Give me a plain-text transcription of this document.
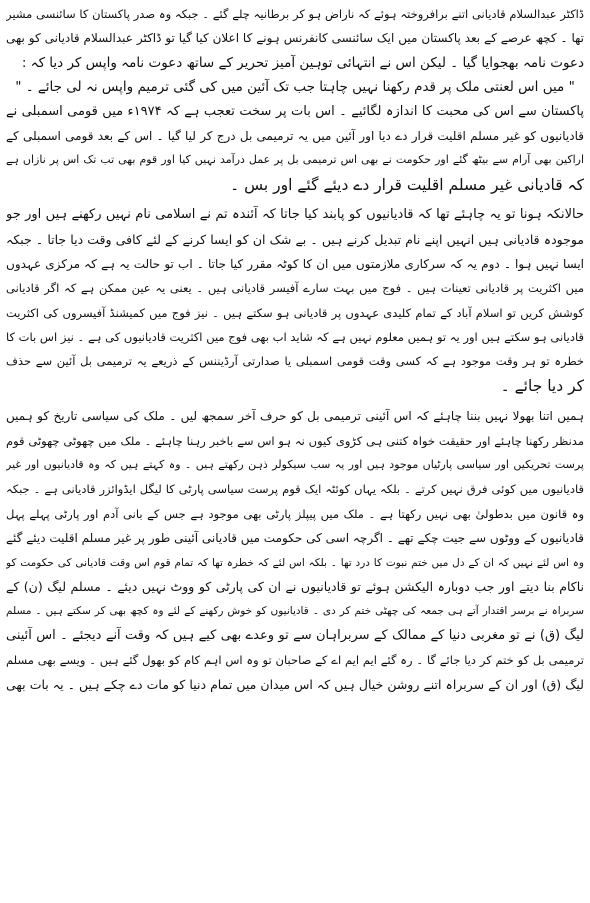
ڈاکٹر عبدالسلام قادیانی اتنے برافروختہ ہوئے کہ ناراض ہو کر برطانیہ چلے گئے ۔ جبکہ وہ صدر پاکستان کا سائنسی مشیر
تھا ۔ کچھ عرصے کے بعد پاکستان میں ایک سائنسی کانفرنس ہونے کا اعلان کیا گیا تو ڈاکٹر عبدالسلام قادیانی کو بھی
دعوت نامہ بھجوایا گیا ۔ لیکن اس نے انتہائی توہین آمیز تحریر کے ساتھ دعوت نامہ واپس کر دیا کہ :
" میں اس لعنتی ملک پر قدم رکھنا نہیں چاہتا جب تک آئین میں کی گئی ترمیم واپس نہ لی جائے ۔ "
پاکستان سے اس کی محبت کا اندازہ لگائیے ۔ اس بات پر سخت تعجب ہے کہ ۱۹۷۴ء میں قومی اسمبلی نے
قادیانیوں کو غیر مسلم اقلیت قرار دے دیا اور آئین میں یہ ترمیمی بل درج کر لیا گیا ۔ اس کے بعد قومی اسمبلی کے
اراکین بھی آرام سے بیٹھ گئے اور حکومت نے بھی اس ترمیمی بل پر عمل درآمد نہیں کیا اور قوم بھی تب تک اس پر نازاں ہے
کہ قادیانی غیر مسلم اقلیت قرار دے دیئے گئے اور بس ۔
حالانکہ ہونا تو یہ چاہئے تھا کہ قادیانیوں کو پابند کیا جاتا کہ آئندہ تم نے اسلامی نام نہیں رکھنے ہیں اور جو
موجودہ قادیانی ہیں انہیں اپنے نام تبدیل کرنے ہیں ۔ بے شک ان کو ایسا کرنے کے لئے کافی وقت دیا جاتا ۔ جبکہ
ایسا نہیں ہوا ۔ دوم یہ کہ سرکاری ملازمتوں میں ان کا کوٹہ مقرر کیا جاتا ۔ اب تو حالت یہ ہے کہ مرکزی عہدوں
میں اکثریت پر قادیانی تعینات ہیں ۔ فوج میں بہت سارے آفیسر قادیانی ہیں ۔ یعنی یہ عین ممکن ہے کہ اگر قادیانی
کوشش کریں تو اسلام آباد کے تمام کلیدی عہدوں پر قادیانی ہو سکتے ہیں ۔ نیز فوج میں کمیشنڈ آفیسروں کی اکثریت
قادیانی ہو سکتے ہیں اور یہ تو ہمیں معلوم نہیں ہے کہ شاید اب بھی فوج میں اکثریت قادیانیوں کی ہے ۔ نیز اس بات کا
خطرہ تو ہر وقت موجود ہے کہ کسی وقت قومی اسمبلی یا صدارتی آرڈیننس کے ذریعے یہ ترمیمی بل آئین سے حذف
کر دیا جائے ۔
ہمیں اتنا بھولا نہیں بننا چاہئے کہ اس آئینی ترمیمی بل کو حرف آخر سمجھ لیں ۔ ملک کی سیاسی تاریخ کو ہمیں
مدنظر رکھنا چاہئے اور حقیقت خواہ کتنی ہی کڑوی کیوں نہ ہو اس سے باخبر رہنا چاہئے ۔ ملک میں چھوٹی چھوٹی قوم
پرست تحریکیں اور سیاسی پارٹیاں موجود ہیں اور یہ سب سیکولر ذہن رکھتے ہیں ۔ وہ کہتے ہیں کہ وہ قادیانیوں اور غیر
قادیانیوں میں کوئی فرق نہیں کرتے ۔ بلکہ یہاں کوئٹہ ایک قوم پرست سیاسی پارٹی کا لیگل ایڈوائزر قادیانی ہے ۔ جبکہ
وہ قانون میں بدطولیٰ بھی نہیں رکھتا ہے ۔ ملک میں پیپلز پارٹی بھی موجود ہے جس کے بانی آدم اور پارٹی پہلے پہل
قادیانیوں کے ووٹوں سے جیت چکے تھے ۔ اگرچہ اسی کی حکومت میں قادیانی آئینی طور پر غیر مسلم اقلیت دیئے گئے
وہ اس لئے نہیں کہ ان کے دل میں ختم نبوت کا درد تھا ۔ بلکہ اس لئے کہ خطرہ تھا کہ تمام قوم اس وقت قادیانی کی حکومت کو
ناکام بنا دیتے اور جب دوبارہ الیکشن ہوئے تو قادیانیوں نے ان کی پارٹی کو ووٹ نہیں دیئے ۔ مسلم لیگ (ن) کے
سربراہ نے برسر اقتدار آتے ہی جمعہ کی چھٹی ختم کر دی ۔ قادیانیوں کو خوش رکھنے کے لئے وہ کچھ بھی کر سکتے ہیں ۔ مسلم
لیگ (ق) نے تو مغربی دنیا کے ممالک کے سربراہان سے تو وعدے بھی کیے ہیں کہ وقت آنے دیجئے ۔ اس آئینی
ترمیمی بل کو ختم کر دیا جائے گا ۔ رہ گئے ایم ایم اے کے صاحبان تو وہ اس اہم کام کو بھول گئے ہیں ۔ ویسے بھی مسلم
لیگ (ق) اور ان کے سربراہ اتنے روشن خیال ہیں کہ اس میدان میں تمام دنیا کو مات دے چکے ہیں ۔ یہ بات بھی
